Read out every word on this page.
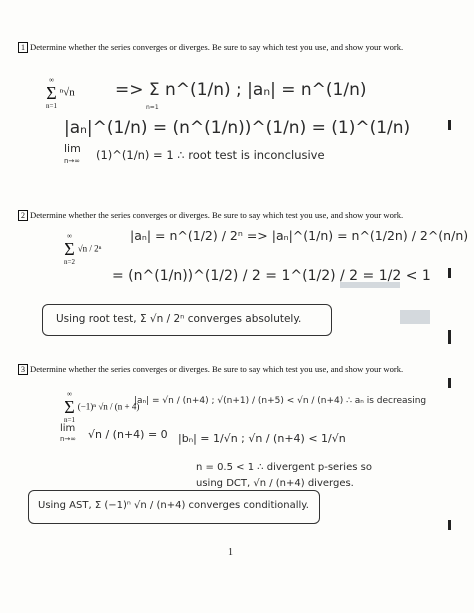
1 Determine whether the series converges or diverges. Be sure to say which test you use, and show your work.
∞
Σ
n=1
ⁿ√n => Σ n^(1/n) ; |aₙ| = n^(1/n)
n=1
|aₙ|^(1/n) = (n^(1/n))^(1/n) = (1)^(1/n)
lim
n→∞ (1)^(1/n) = 1 ∴ root test is inconclusive
2 Determine whether the series converges or diverges. Be sure to say which test you use, and show your work.
∞
Σ
n=2
√n / 2ⁿ
|aₙ| = n^(1/2) / 2ⁿ => |aₙ|^(1/n) = n^(1/2n) / 2^(n/n)
= (n^(1/n))^(1/2) / 2 = 1^(1/2) / 2 = 1/2 < 1
Using root test, Σ √n / 2ⁿ converges absolutely.
3 Determine whether the series converges or diverges. Be sure to say which test you use, and show your work.
∞
Σ
n=1
(−1)ⁿ √n / (n + 4)
|aₙ| = √n / (n+4) ; √(n+1) / (n+5) < √n / (n+4) ∴ aₙ is decreasing
lim
n→∞ √n / (n+4) = 0 |bₙ| = 1/√n ; √n / (n+4) < 1/√n
n = 0.5 < 1 ∴ divergent p-series so
using DCT, √n / (n+4) diverges.
Using AST, Σ (−1)ⁿ √n / (n+4) converges conditionally.
1
